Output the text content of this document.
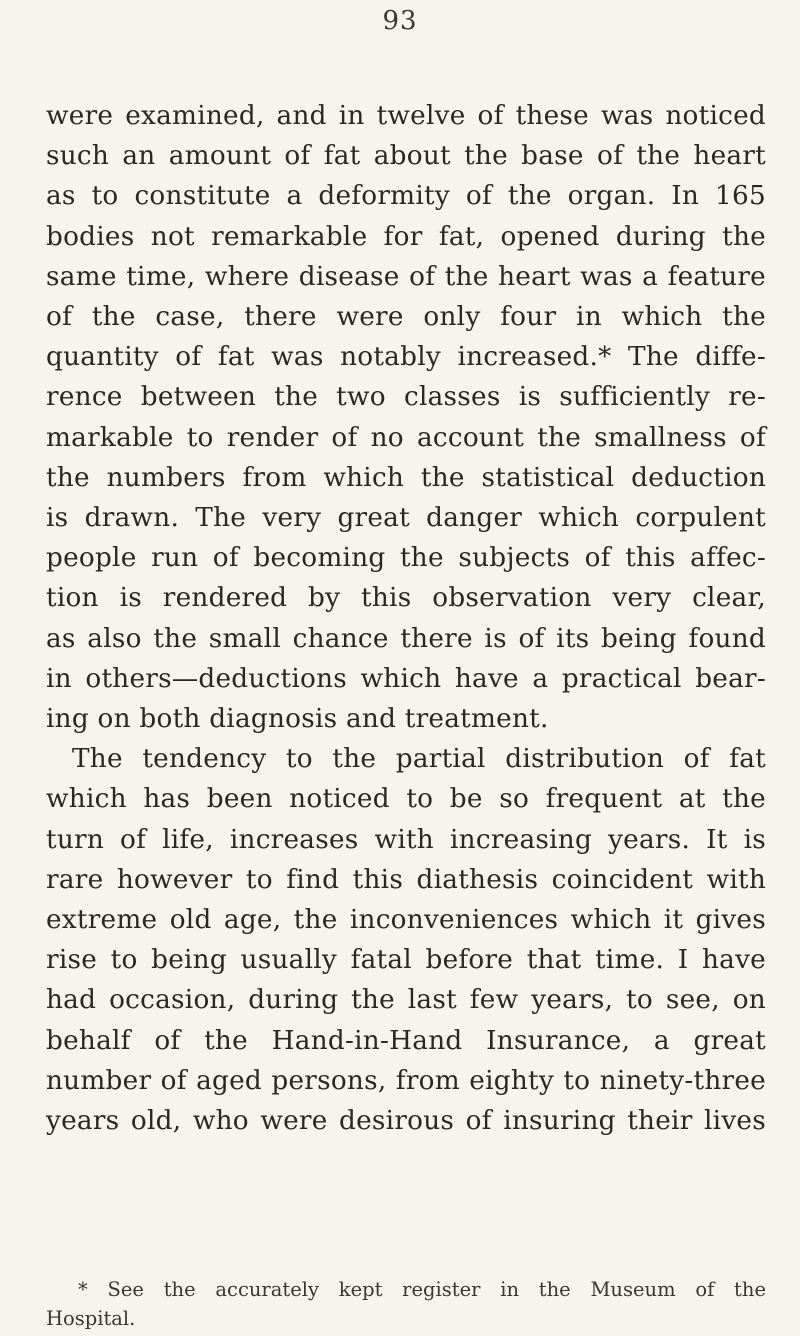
93
were examined, and in twelve of these was noticed
such an amount of fat about the base of the heart
as to constitute a deformity of the organ. In 165
bodies not remarkable for fat, opened during the
same time, where disease of the heart was a feature
of the case, there were only four in which the
quantity of fat was notably increased.* The diffe-
rence between the two classes is sufficiently re-
markable to render of no account the smallness of
the numbers from which the statistical deduction
is drawn. The very great danger which corpulent
people run of becoming the subjects of this affec-
tion is rendered by this observation very clear,
as also the small chance there is of its being found
in others—deductions which have a practical bear-
ing on both diagnosis and treatment.
The tendency to the partial distribution of fat
which has been noticed to be so frequent at the
turn of life, increases with increasing years. It is
rare however to find this diathesis coincident with
extreme old age, the inconveniences which it gives
rise to being usually fatal before that time. I have
had occasion, during the last few years, to see, on
behalf of the Hand-in-Hand Insurance, a great
number of aged persons, from eighty to ninety-three
years old, who were desirous of insuring their lives
* See the accurately kept register in the Museum of the
Hospital.
